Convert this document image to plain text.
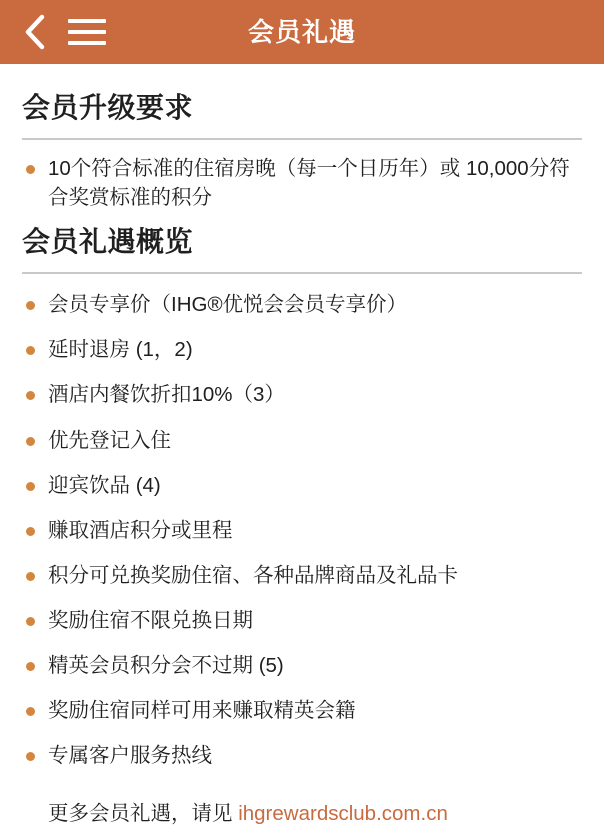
会员礼遇
会员升级要求
10个符合标准的住宿房晚（每一个日历年）或 10,000分符合奖赏标准的积分
会员礼遇概览
会员专享价（IHG®优悦会会员专享价）
延时退房 (1，2)
酒店内餐饮折扣10%（3）
优先登记入住
迎宾饮品 (4)
赚取酒店积分或里程
积分可兑换奖励住宿、各种品牌商品及礼品卡
奖励住宿不限兑换日期
精英会员积分会不过期 (5)
奖励住宿同样可用来赚取精英会籍
专属客户服务热线
更多会员礼遇，请见 ihgrewardsclub.com.cn
